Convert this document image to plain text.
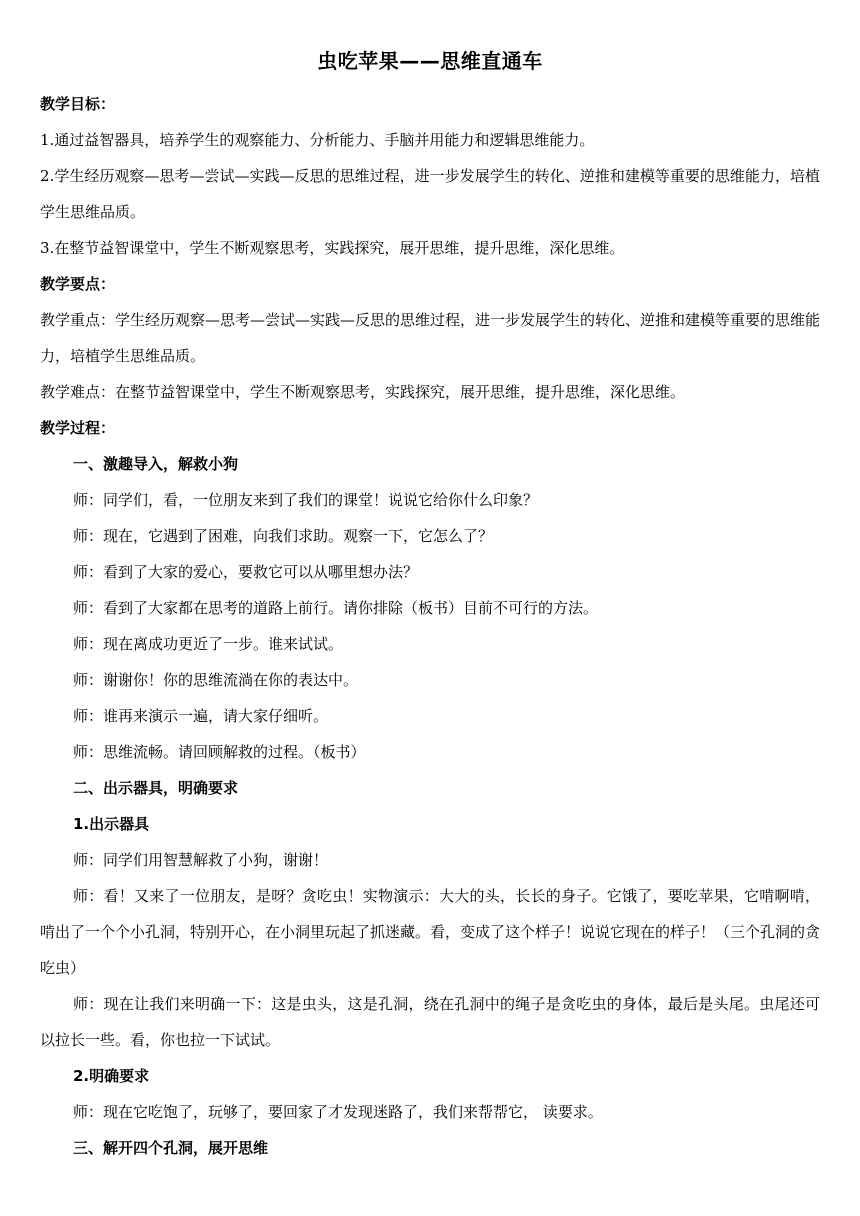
虫吃苹果——思维直通车
教学目标：
1.通过益智器具，培养学生的观察能力、分析能力、手脑并用能力和逻辑思维能力。
2.学生经历观察—思考—尝试—实践—反思的思维过程，进一步发展学生的转化、逆推和建模等重要的思维能力，培植学生思维品质。
3.在整节益智课堂中，学生不断观察思考，实践探究，展开思维，提升思维，深化思维。
教学要点：
教学重点：学生经历观察—思考—尝试—实践—反思的思维过程，进一步发展学生的转化、逆推和建模等重要的思维能力，培植学生思维品质。
教学难点：在整节益智课堂中，学生不断观察思考，实践探究，展开思维，提升思维，深化思维。
教学过程：
一、激趣导入，解救小狗
师：同学们，看，一位朋友来到了我们的课堂！说说它给你什么印象？
师：现在，它遇到了困难，向我们求助。观察一下，它怎么了？
师：看到了大家的爱心，要救它可以从哪里想办法？
师：看到了大家都在思考的道路上前行。请你排除（板书）目前不可行的方法。
师：现在离成功更近了一步。谁来试试。
师：谢谢你！你的思维流淌在你的表达中。
师：谁再来演示一遍，请大家仔细听。
师：思维流畅。请回顾解救的过程。（板书）
二、出示器具，明确要求
1.出示器具
师：同学们用智慧解救了小狗，谢谢！
师：看！又来了一位朋友，是呀？贪吃虫！实物演示：大大的头，长长的身子。它饿了，要吃苹果，它啃啊啃，啃出了一个个小孔洞，特别开心，在小洞里玩起了抓迷藏。看，变成了这个样子！说说它现在的样子！（三个孔洞的贪吃虫）
师：现在让我们来明确一下：这是虫头，这是孔洞，绕在孔洞中的绳子是贪吃虫的身体，最后是头尾。虫尾还可以拉长一些。看，你也拉一下试试。
2.明确要求
师：现在它吃饱了，玩够了，要回家了才发现迷路了，我们来帮帮它， 读要求。
三、解开四个孔洞，展开思维
